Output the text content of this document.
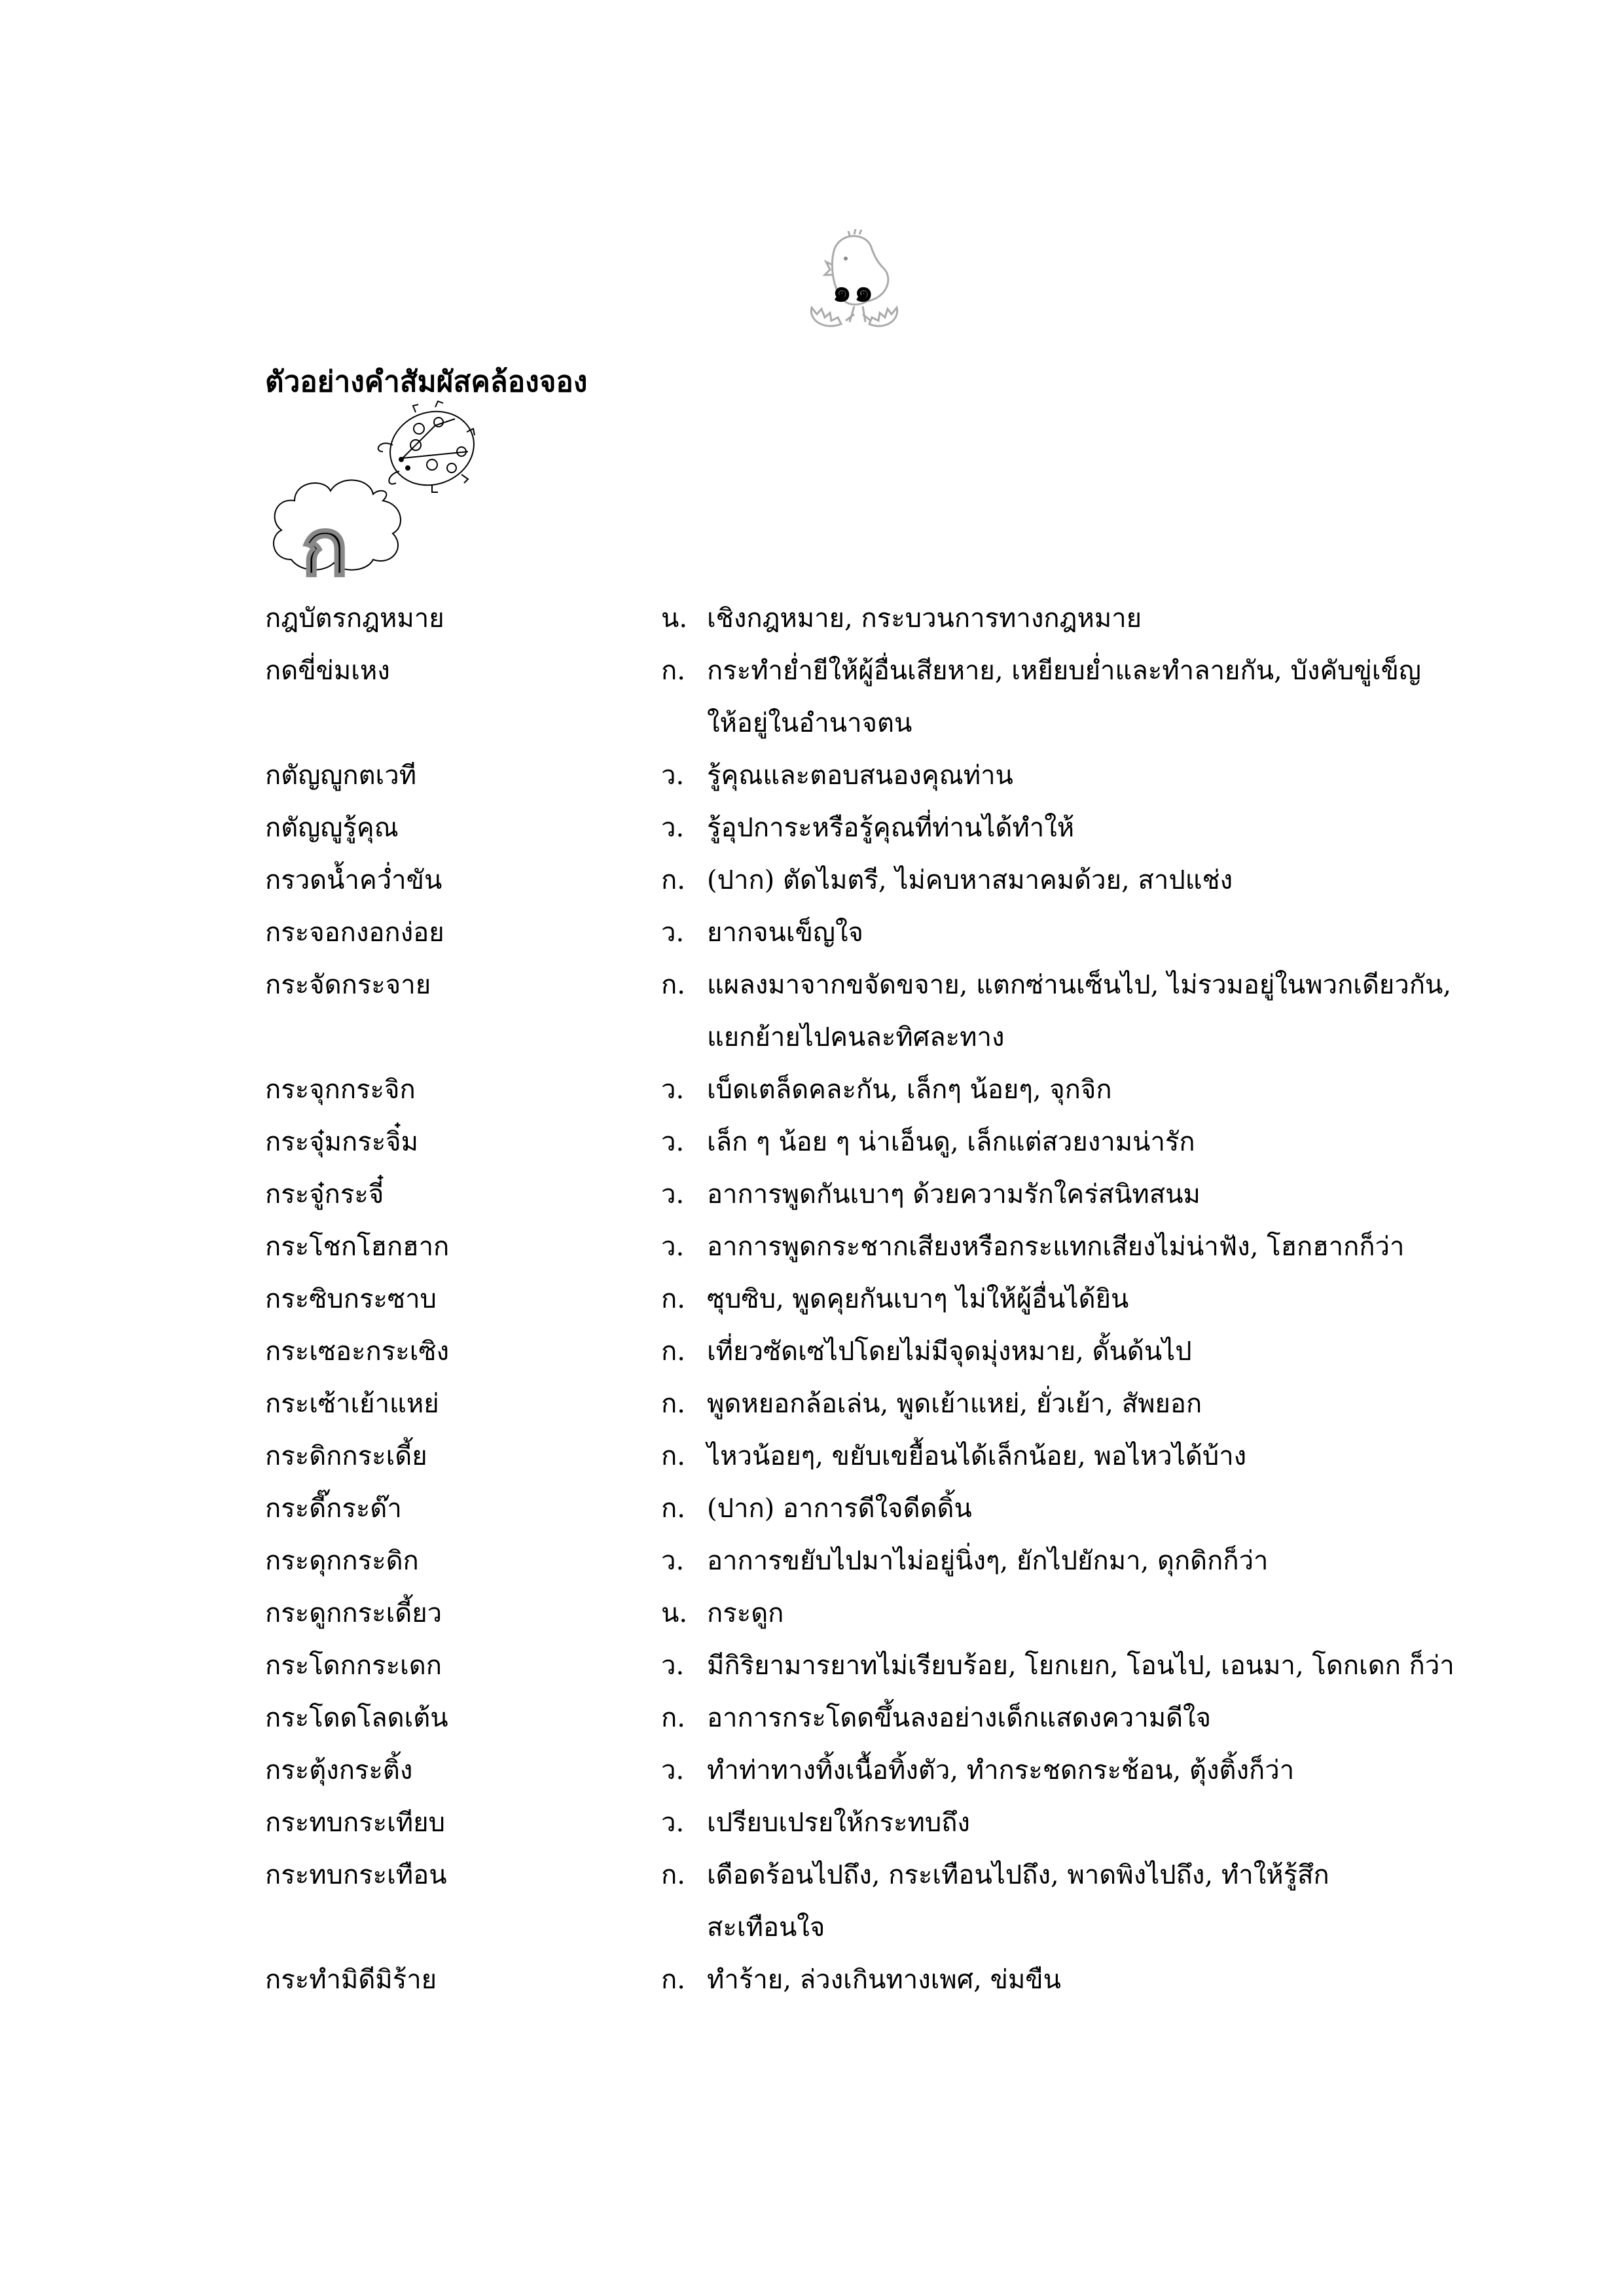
๑๑
ตัวอย่างคำสัมผัสคล้องจอง
ก
กฎบัตรกฎหมาย	น. เชิงกฎหมาย, กระบวนการทางกฎหมาย
กดขี่ข่มเหง	ก. กระทำย่ำยีให้ผู้อื่นเสียหาย, เหยียบย่ำและทำลายกัน, บังคับขู่เข็ญ
ให้อยู่ในอำนาจตน
กตัญญูกตเวที	ว. รู้คุณและตอบสนองคุณท่าน
กตัญญูรู้คุณ	ว. รู้อุปการะหรือรู้คุณที่ท่านได้ทำให้
กรวดน้ำคว่ำขัน	ก. (ปาก) ตัดไมตรี, ไม่คบหาสมาคมด้วย, สาปแช่ง
กระจอกงอกง่อย	ว. ยากจนเข็ญใจ
กระจัดกระจาย	ก. แผลงมาจากขจัดขจาย, แตกซ่านเซ็นไป, ไม่รวมอยู่ในพวกเดียวกัน,
แยกย้ายไปคนละทิศละทาง
กระจุกกระจิก	ว. เบ็ดเตล็ดคละกัน, เล็กๆ น้อยๆ, จุกจิก
กระจุ๋มกระจิ๋ม	ว. เล็ก ๆ น้อย ๆ น่าเอ็นดู, เล็กแต่สวยงามน่ารัก
กระจู๋กระจี๋	ว. อาการพูดกันเบาๆ ด้วยความรักใคร่สนิทสนม
กระโชกโฮกฮาก	ว. อาการพูดกระชากเสียงหรือกระแทกเสียงไม่น่าฟัง, โฮกฮากก็ว่า
กระซิบกระซาบ	ก. ซุบซิบ, พูดคุยกันเบาๆ ไม่ให้ผู้อื่นได้ยิน
กระเซอะกระเซิง	ก. เที่ยวซัดเซไปโดยไม่มีจุดมุ่งหมาย, ดั้นด้นไป
กระเซ้าเย้าแหย่	ก. พูดหยอกล้อเล่น, พูดเย้าแหย่, ยั่วเย้า, สัพยอก
กระดิกกระเดี้ย	ก. ไหวน้อยๆ, ขยับเขยื้อนได้เล็กน้อย, พอไหวได้บ้าง
กระดี๊กระด๊า	ก. (ปาก) อาการดีใจดีดดิ้น
กระดุกกระดิก	ว. อาการขยับไปมาไม่อยู่นิ่งๆ, ยักไปยักมา, ดุกดิกก็ว่า
กระดูกกระเดี้ยว	น. กระดูก
กระโดกกระเดก	ว. มีกิริยามารยาทไม่เรียบร้อย, โยกเยก, โอนไป, เอนมา, โดกเดก ก็ว่า
กระโดดโลดเต้น	ก. อาการกระโดดขึ้นลงอย่างเด็กแสดงความดีใจ
กระตุ้งกระติ้ง	ว. ทำท่าทางทิ้งเนื้อทิ้งตัว, ทำกระชดกระช้อน, ตุ้งติ้งก็ว่า
กระทบกระเทียบ	ว. เปรียบเปรยให้กระทบถึง
กระทบกระเทือน	ก. เดือดร้อนไปถึง, กระเทือนไปถึง, พาดพิงไปถึง, ทำให้รู้สึก
สะเทือนใจ
กระทำมิดีมิร้าย	ก. ทำร้าย, ล่วงเกินทางเพศ, ข่มขืน
